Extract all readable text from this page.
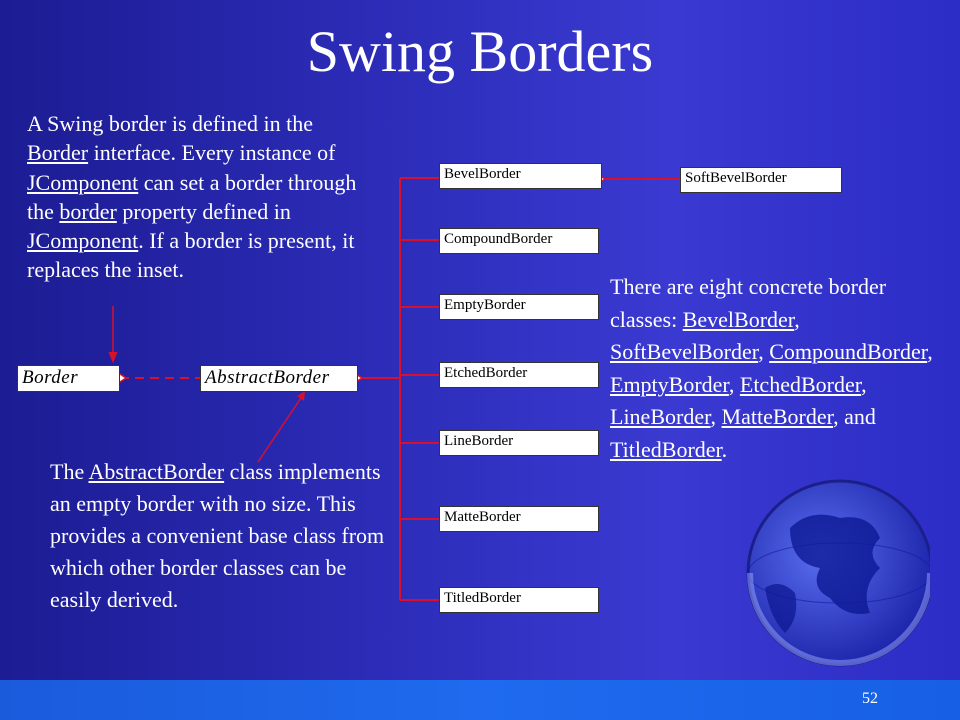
Swing Borders
A Swing border is defined in the Border interface. Every instance of JComponent can set a border through the border property defined in JComponent. If a border is present, it replaces the inset.
The AbstractBorder class implements an empty border with no size. This provides a convenient base class from which other border classes can be easily derived.
There are eight concrete border classes: BevelBorder, SoftBevelBorder, CompoundBorder, EmptyBorder, EtchedBorder, LineBorder, MatteBorder, and TitledBorder.
Border	AbstractBorder
BevelBorder	SoftBevelBorder
CompoundBorder
EmptyBorder
EtchedBorder
LineBorder
MatteBorder
TitledBorder
52
